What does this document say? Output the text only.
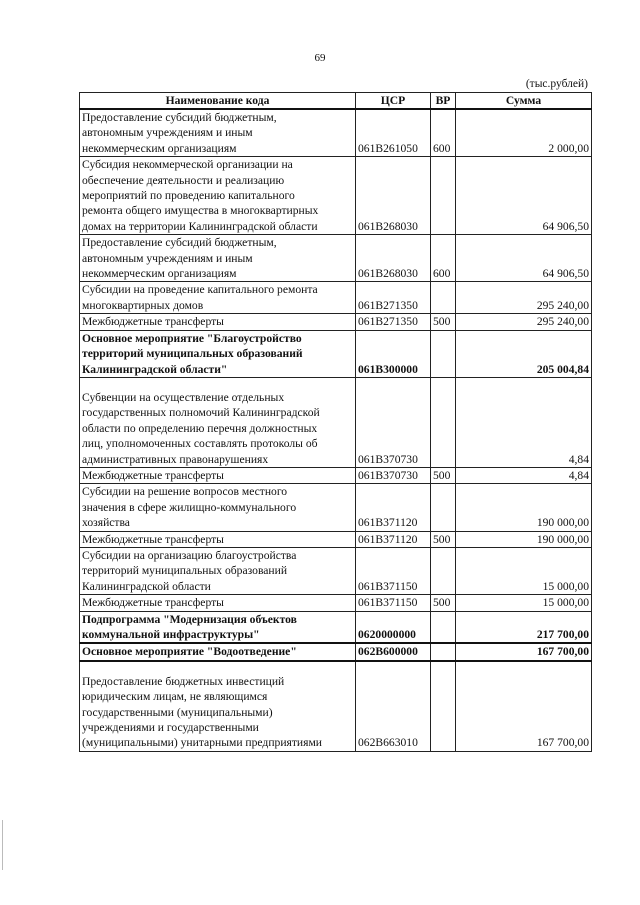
69
(тыс.рублей)
Наименование кода	ЦСР	ВР	Сумма
Предоставление субсидий бюджетным,
автономным учреждениям и иным
некоммерческим организациям	061B261050	600	2 000,00
Субсидия некоммерческой организации на
обеспечение деятельности и реализацию
мероприятий по проведению капитального
ремонта общего имущества в многоквартирных
домах на территории Калининградской области	061B268030		64 906,50
Предоставление субсидий бюджетным,
автономным учреждениям и иным
некоммерческим организациям	061B268030	600	64 906,50
Субсидии на проведение капитального ремонта
многоквартирных домов	061B271350		295 240,00
Межбюджетные трансферты	061B271350	500	295 240,00
Основное мероприятие "Благоустройство
территорий муниципальных образований
Калининградской области"	061B300000		205 004,84
Субвенции на осуществление отдельных
государственных полномочий Калининградской
области по определению перечня должностных
лиц, уполномоченных составлять протоколы об
административных правонарушениях	061B370730		4,84
Межбюджетные трансферты	061B370730	500	4,84
Субсидии на решение вопросов местного
значения в сфере жилищно-коммунального
хозяйства	061B371120		190 000,00
Межбюджетные трансферты	061B371120	500	190 000,00
Субсидии на организацию благоустройства
территорий муниципальных образований
Калининградской области	061B371150		15 000,00
Межбюджетные трансферты	061B371150	500	15 000,00
Подпрограмма "Модернизация объектов
коммунальной инфраструктуры"	0620000000		217 700,00
Основное мероприятие "Водоотведение"	062B600000		167 700,00
Предоставление бюджетных инвестиций
юридическим лицам, не являющимся
государственными (муниципальными)
учреждениями и государственными
(муниципальными) унитарными предприятиями	062B663010		167 700,00
